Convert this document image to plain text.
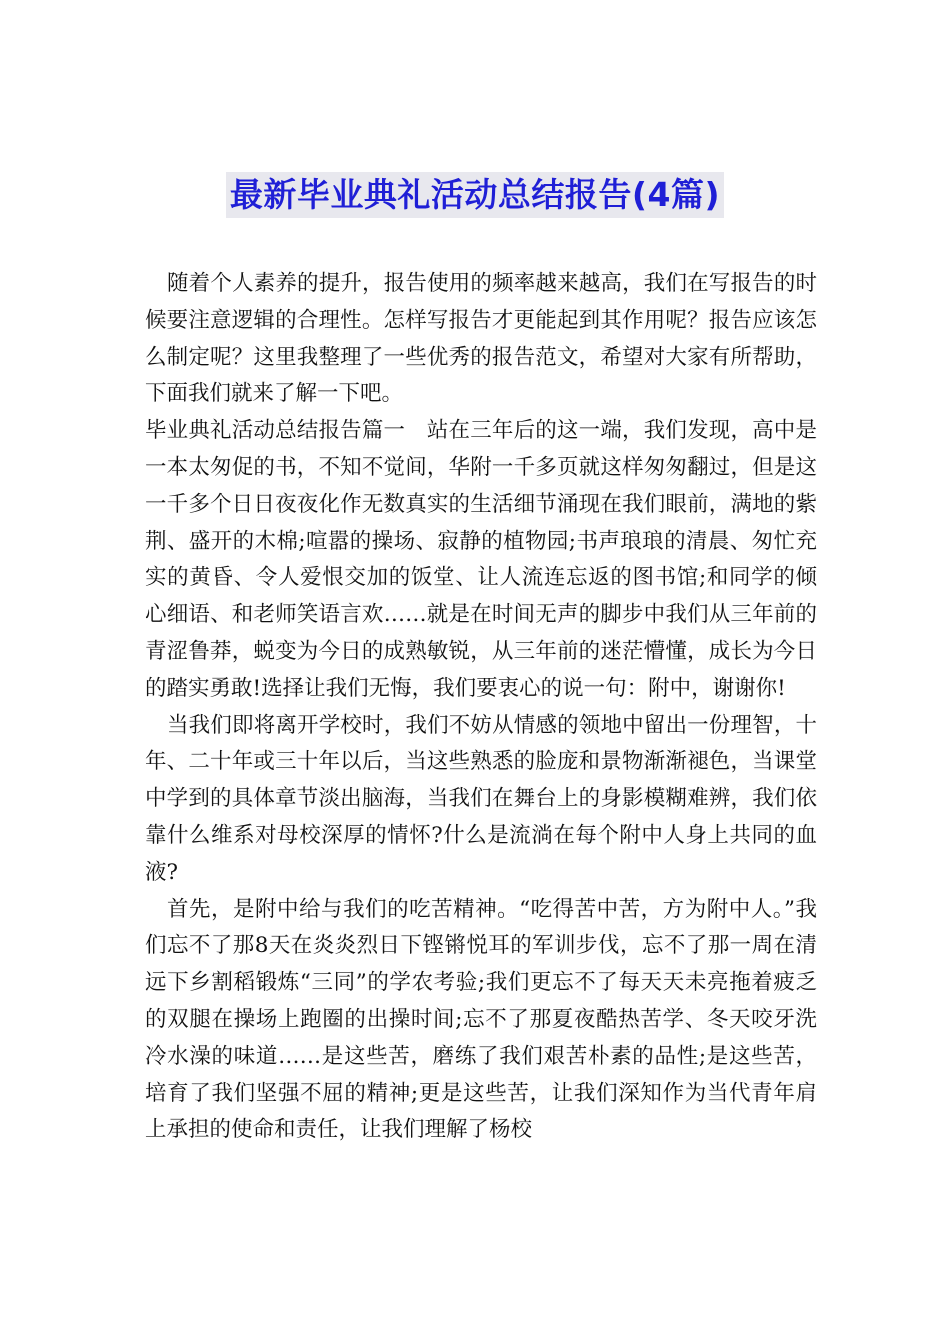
最新毕业典礼活动总结报告(4篇)

随着个人素养的提升，报告使用的频率越来越高，我们在写报告的时候要注意逻辑的合理性。怎样写报告才更能起到其作用呢？报告应该怎么制定呢？这里我整理了一些优秀的报告范文，希望对大家有所帮助，下面我们就来了解一下吧。

毕业典礼活动总结报告篇一　站在三年后的这一端，我们发现，高中是一本太匆促的书，不知不觉间，华附一千多页就这样匆匆翻过，但是这一千多个日日夜夜化作无数真实的生活细节涌现在我们眼前，满地的紫荆、盛开的木棉;喧嚣的操场、寂静的植物园;书声琅琅的清晨、匆忙充实的黄昏、令人爱恨交加的饭堂、让人流连忘返的图书馆;和同学的倾心细语、和老师笑语言欢……就是在时间无声的脚步中我们从三年前的青涩鲁莽，蜕变为今日的成熟敏锐，从三年前的迷茫懵懂，成长为今日的踏实勇敢!选择让我们无悔，我们要衷心的说一句：附中，谢谢你!

当我们即将离开学校时，我们不妨从情感的领地中留出一份理智，十年、二十年或三十年以后，当这些熟悉的脸庞和景物渐渐褪色，当课堂中学到的具体章节淡出脑海，当我们在舞台上的身影模糊难辨，我们依靠什么维系对母校深厚的情怀?什么是流淌在每个附中人身上共同的血液?

首先，是附中给与我们的吃苦精神。“吃得苦中苦，方为附中人。”我们忘不了那8天在炎炎烈日下铿锵悦耳的军训步伐，忘不了那一周在清远下乡割稻锻炼“三同”的学农考验;我们更忘不了每天天未亮拖着疲乏的双腿在操场上跑圈的出操时间;忘不了那夏夜酷热苦学、冬天咬牙洗冷水澡的味道……是这些苦，磨练了我们艰苦朴素的品性;是这些苦，培育了我们坚强不屈的精神;更是这些苦，让我们深知作为当代青年肩上承担的使命和责任，让我们理解了杨校
